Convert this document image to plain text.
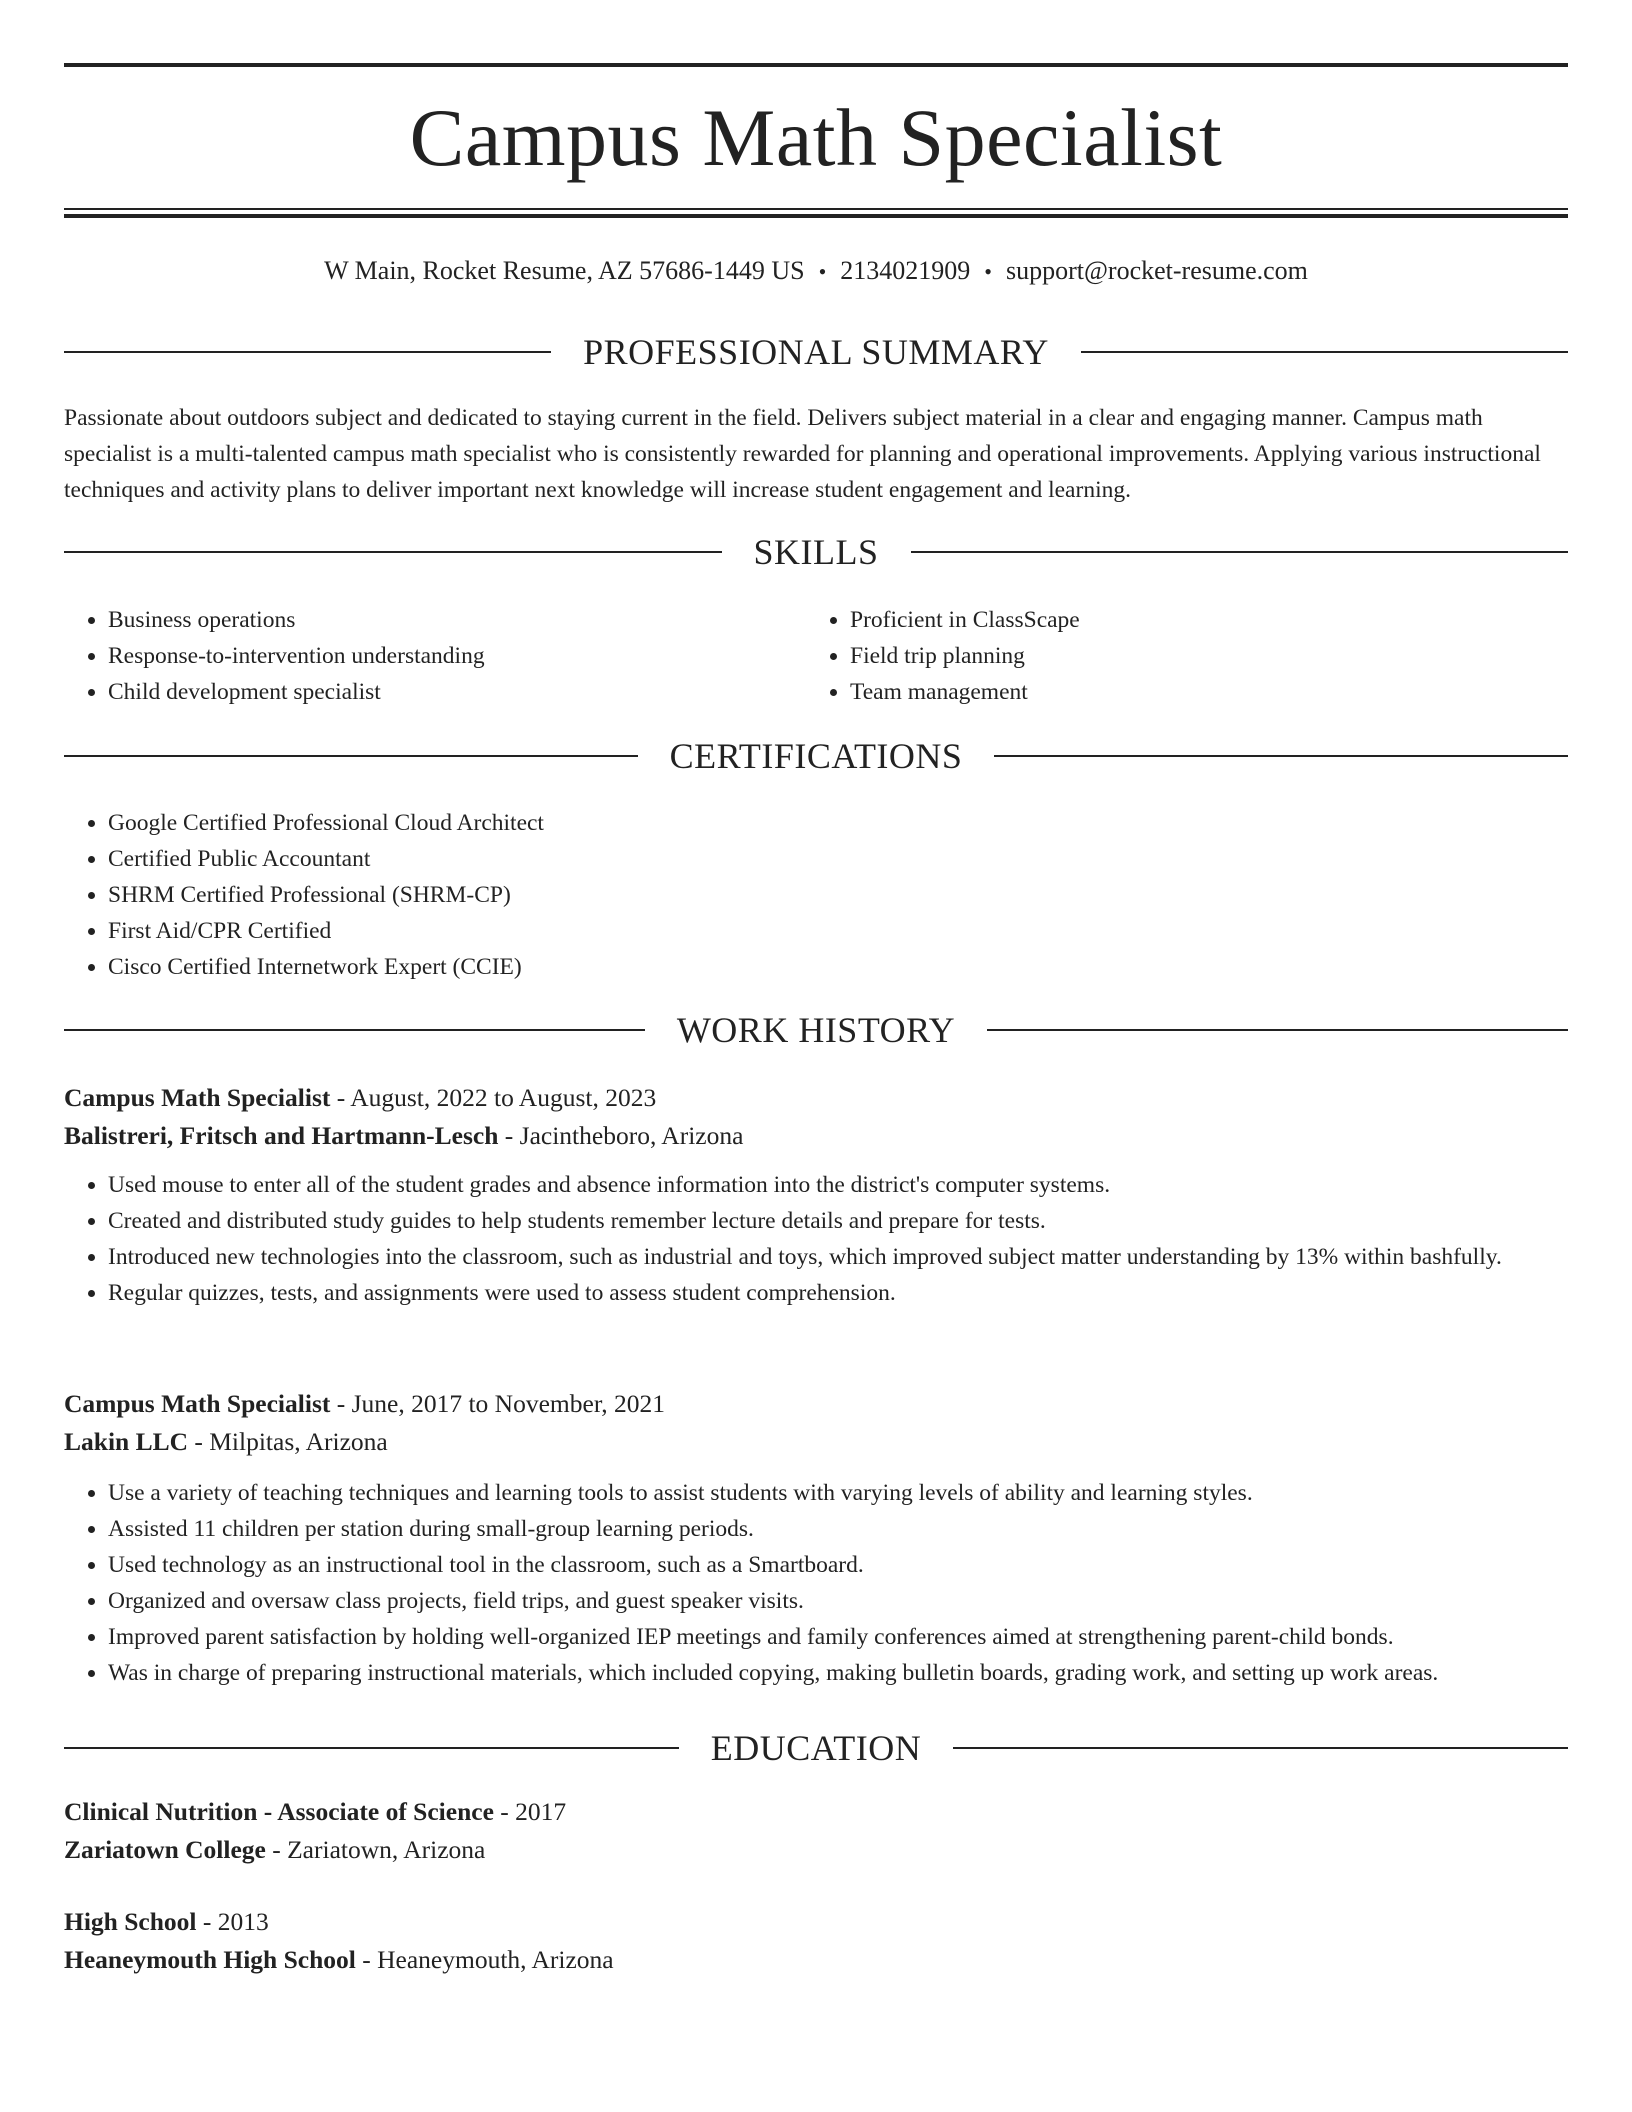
Campus Math Specialist
W Main, Rocket Resume, AZ 57686-1449 US • 2134021909 • support@rocket-resume.com
PROFESSIONAL SUMMARY
Passionate about outdoors subject and dedicated to staying current in the field. Delivers subject material in a clear and engaging manner. Campus math specialist is a multi-talented campus math specialist who is consistently rewarded for planning and operational improvements. Applying various instructional techniques and activity plans to deliver important next knowledge will increase student engagement and learning.
SKILLS
• Business operations
• Response-to-intervention understanding
• Child development specialist
• Proficient in ClassScape
• Field trip planning
• Team management
CERTIFICATIONS
• Google Certified Professional Cloud Architect
• Certified Public Accountant
• SHRM Certified Professional (SHRM-CP)
• First Aid/CPR Certified
• Cisco Certified Internetwork Expert (CCIE)
WORK HISTORY
Campus Math Specialist - August, 2022 to August, 2023
Balistreri, Fritsch and Hartmann-Lesch - Jacintheboro, Arizona
• Used mouse to enter all of the student grades and absence information into the district's computer systems.
• Created and distributed study guides to help students remember lecture details and prepare for tests.
• Introduced new technologies into the classroom, such as industrial and toys, which improved subject matter understanding by 13% within bashfully.
• Regular quizzes, tests, and assignments were used to assess student comprehension.
Campus Math Specialist - June, 2017 to November, 2021
Lakin LLC - Milpitas, Arizona
• Use a variety of teaching techniques and learning tools to assist students with varying levels of ability and learning styles.
• Assisted 11 children per station during small-group learning periods.
• Used technology as an instructional tool in the classroom, such as a Smartboard.
• Organized and oversaw class projects, field trips, and guest speaker visits.
• Improved parent satisfaction by holding well-organized IEP meetings and family conferences aimed at strengthening parent-child bonds.
• Was in charge of preparing instructional materials, which included copying, making bulletin boards, grading work, and setting up work areas.
EDUCATION
Clinical Nutrition - Associate of Science - 2017
Zariatown College - Zariatown, Arizona
High School - 2013
Heaneymouth High School - Heaneymouth, Arizona
